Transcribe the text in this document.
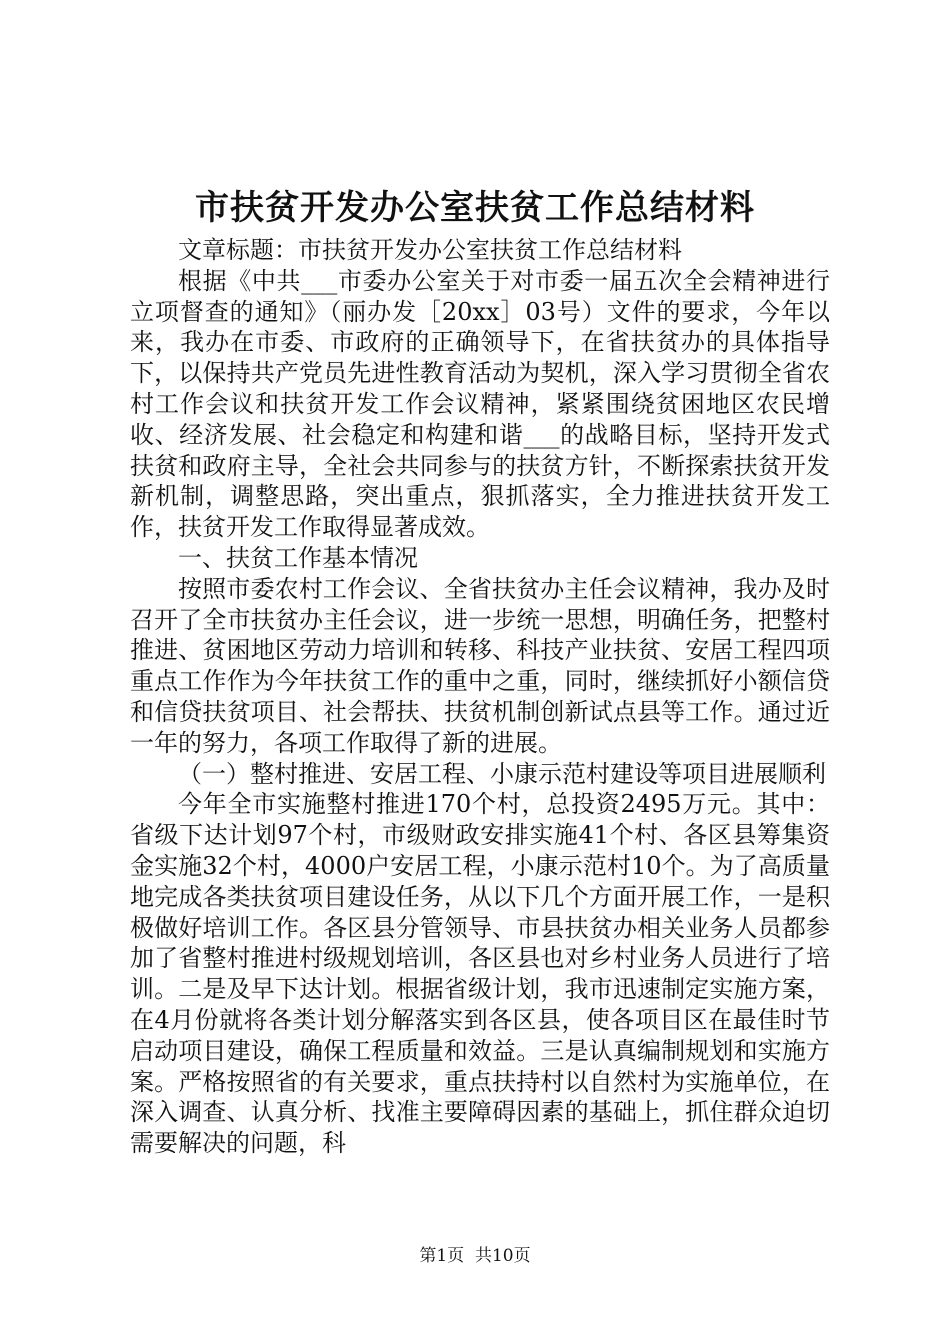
市扶贫开发办公室扶贫工作总结材料

文章标题：市扶贫开发办公室扶贫工作总结材料

根据《中共___市委办公室关于对市委一届五次全会精神进行立项督查的通知》（丽办发［20xx］03号）文件的要求，今年以来，我办在市委、市政府的正确领导下，在省扶贫办的具体指导下，以保持共产党员先进性教育活动为契机，深入学习贯彻全省农村工作会议和扶贫开发工作会议精神，紧紧围绕贫困地区农民增收、经济发展、社会稳定和构建和谐___的战略目标，坚持开发式扶贫和政府主导，全社会共同参与的扶贫方针，不断探索扶贫开发新机制，调整思路，突出重点，狠抓落实，全力推进扶贫开发工作，扶贫开发工作取得显著成效。

一、扶贫工作基本情况

按照市委农村工作会议、全省扶贫办主任会议精神，我办及时召开了全市扶贫办主任会议，进一步统一思想，明确任务，把整村推进、贫困地区劳动力培训和转移、科技产业扶贫、安居工程四项重点工作作为今年扶贫工作的重中之重，同时，继续抓好小额信贷和信贷扶贫项目、社会帮扶、扶贫机制创新试点县等工作。通过近一年的努力，各项工作取得了新的进展。

（一）整村推进、安居工程、小康示范村建设等项目进展顺利

今年全市实施整村推进170个村，总投资2495万元。其中：省级下达计划97个村，市级财政安排实施41个村、各区县筹集资金实施32个村，4000户安居工程，小康示范村10个。为了高质量地完成各类扶贫项目建设任务，从以下几个方面开展工作，一是积极做好培训工作。各区县分管领导、市县扶贫办相关业务人员都参加了省整村推进村级规划培训，各区县也对乡村业务人员进行了培训。二是及早下达计划。根据省级计划，我市迅速制定实施方案，在4月份就将各类计划分解落实到各区县，使各项目区在最佳时节启动项目建设，确保工程质量和效益。三是认真编制规划和实施方案。严格按照省的有关要求，重点扶持村以自然村为实施单位，在深入调查、认真分析、找准主要障碍因素的基础上，抓住群众迫切需要解决的问题，科

第1页  共10页
